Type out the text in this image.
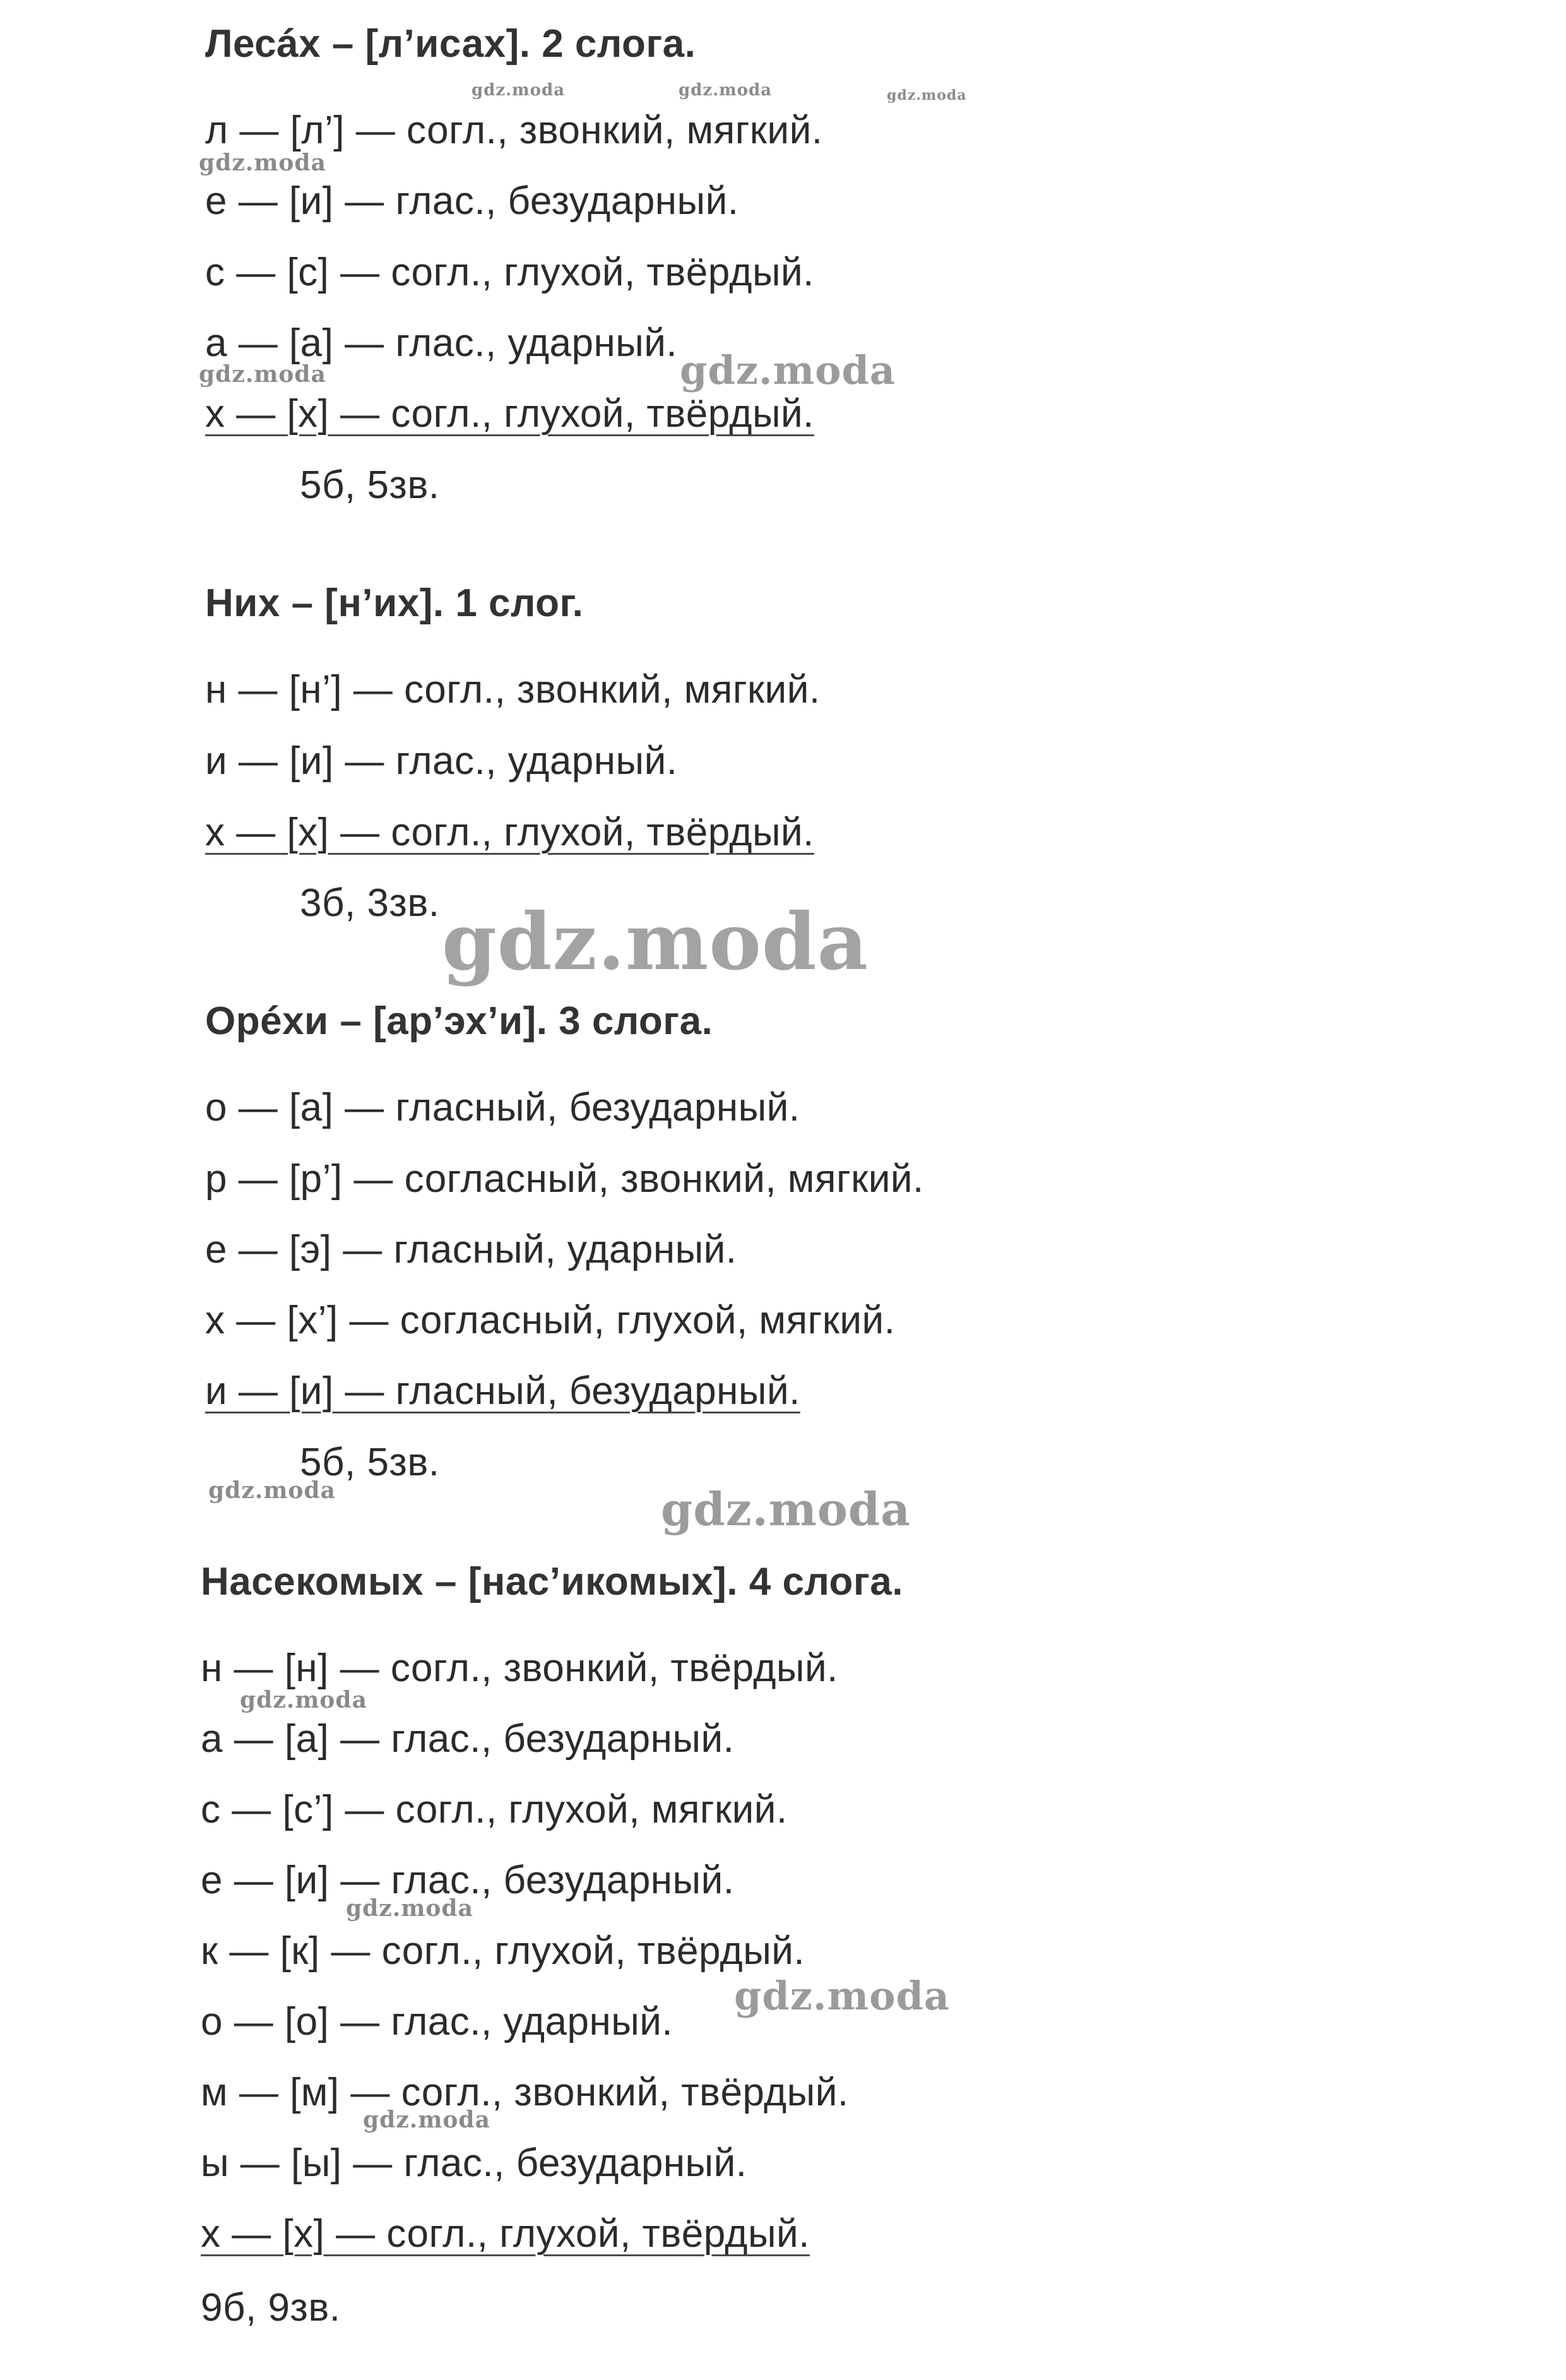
Лесáх – [л’исах]. 2 слога.
л — [л’] — согл., звонкий, мягкий.
е — [и] — глас., безударный.
с — [с] — согл., глухой, твёрдый.
а — [а] — глас., ударный.
х — [х] — согл., глухой, твёрдый.
5б, 5зв.
Них – [н’их]. 1 слог.
н — [н’] — согл., звонкий, мягкий.
и — [и] — глас., ударный.
х — [х] — согл., глухой, твёрдый.
3б, 3зв.
Орéхи – [ар’эх’и]. 3 слога.
о — [а] — гласный, безударный.
р — [р’] — согласный, звонкий, мягкий.
е — [э] — гласный, ударный.
х — [х’] — согласный, глухой, мягкий.
и — [и] — гласный, безударный.
5б, 5зв.
Насекомых – [нас’икомых]. 4 слога.
н — [н] — согл., звонкий, твёрдый.
а — [а] — глас., безударный.
с — [с’] — согл., глухой, мягкий.
е — [и] — глас., безударный.
к — [к] — согл., глухой, твёрдый.
о — [о] — глас., ударный.
м — [м] — согл., звонкий, твёрдый.
ы — [ы] — глас., безударный.
х — [х] — согл., глухой, твёрдый.
9б, 9зв.
gdz.moda	gdz.moda	gdz.moda
gdz.moda
gdz.moda	gdz.moda
gdz.moda
gdz.moda	gdz.moda
gdz.moda
gdz.moda
gdz.moda
gdz.moda
